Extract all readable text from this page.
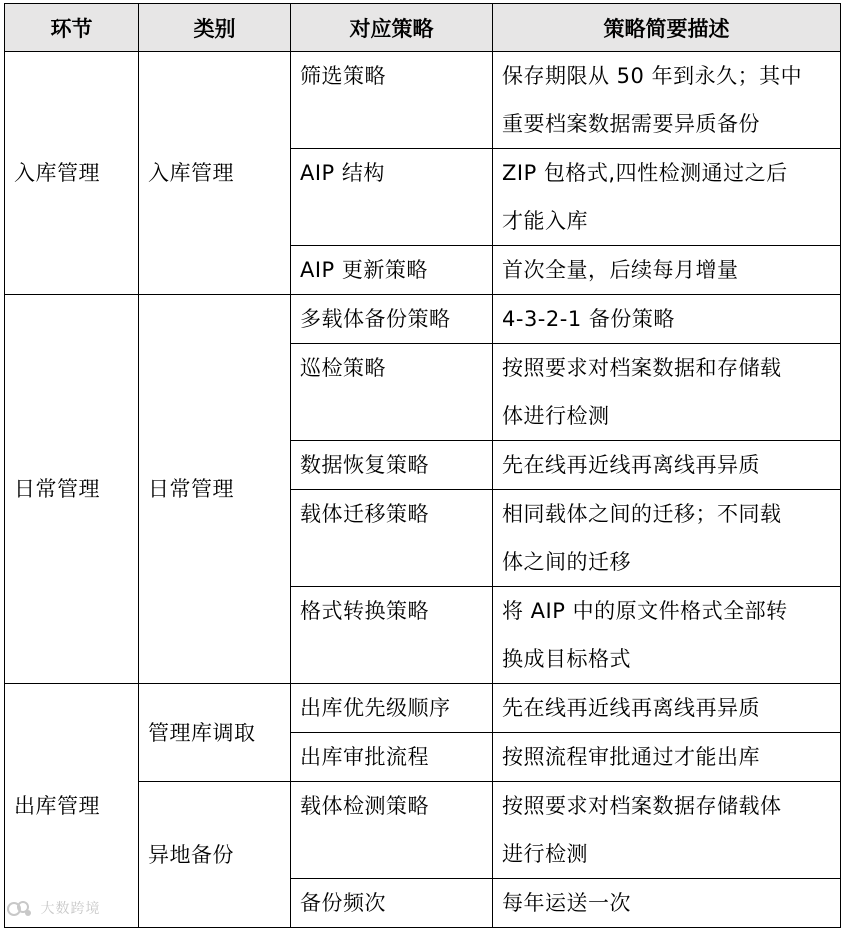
环节	类别	对应策略	策略简要描述
入库管理	入库管理	筛选策略	保存期限从 50 年到永久；其中
重要档案数据需要异质备份

		AIP 结构	ZIP 包格式,四性检测通过之后
才能入库

		AIP 更新策略	首次全量，后续每月增量

日常管理	日常管理	多载体备份策略	4-3-2-1 备份策略

		巡检策略	按照要求对档案数据和存储载
体进行检测

		数据恢复策略	先在线再近线再离线再异质

		载体迁移策略	相同载体之间的迁移；不同载
体之间的迁移

		格式转换策略	将 AIP 中的原文件格式全部转
换成目标格式

出库管理	管理库调取	出库优先级顺序	先在线再近线再离线再异质

		出库审批流程	按照流程审批通过才能出库

	异地备份	载体检测策略	按照要求对档案数据存储载体
进行检测

		备份频次	每年运送一次
大数跨境
